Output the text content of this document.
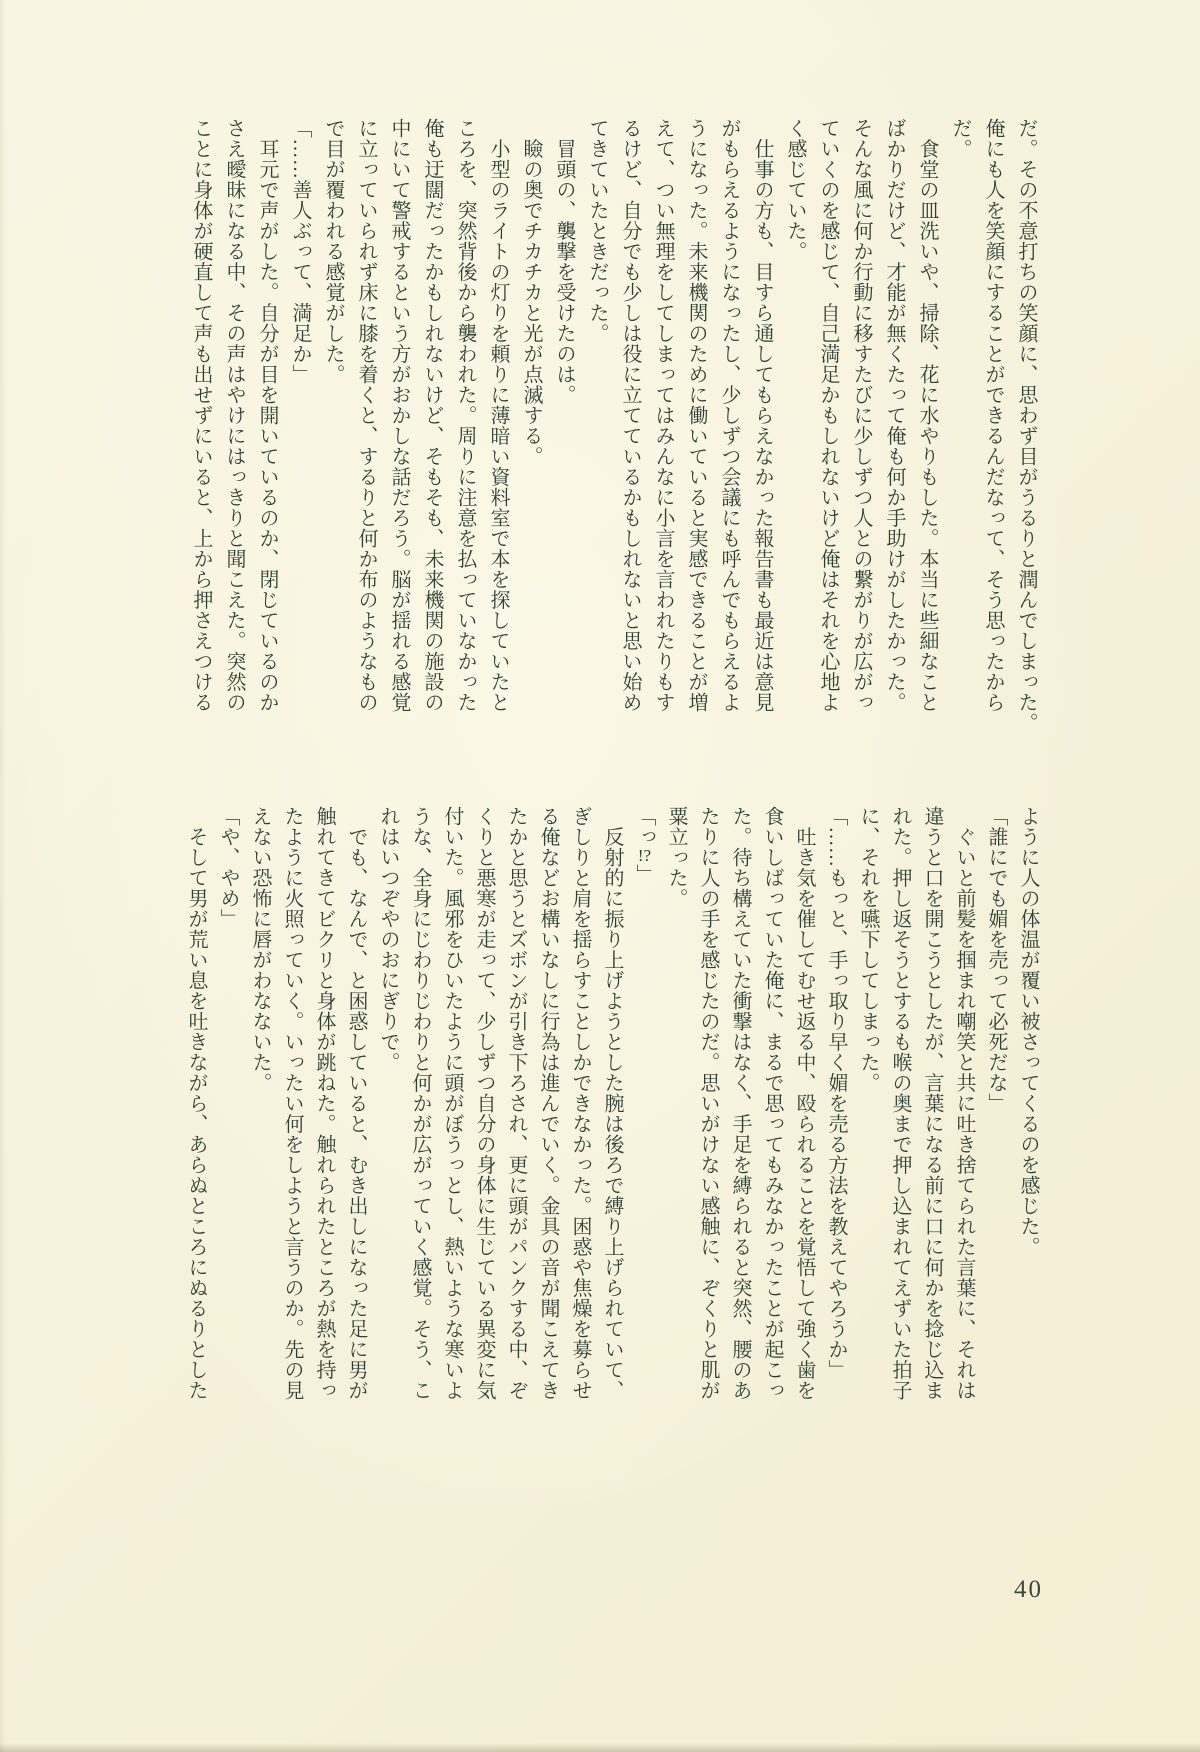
だ。その不意打ちの笑顔に、思わず目がうるりと潤んでしまった。
俺にも人を笑顔にすることができるんだなって、そう思ったから
だ。
　食堂の皿洗いや、掃除、花に水やりもした。本当に些細なこと
ばかりだけど、才能が無くたって俺も何か手助けがしたかった。
そんな風に何か行動に移すたびに少しずつ人との繋がりが広がっ
ていくのを感じて、自己満足かもしれないけど俺はそれを心地よ
く感じていた。
　仕事の方も、目すら通してもらえなかった報告書も最近は意見
がもらえるようになったし、少しずつ会議にも呼んでもらえるよ
うになった。未来機関のために働いていると実感できることが増
えて、つい無理をしてしまってはみんなに小言を言われたりもす
るけど、自分でも少しは役に立てているかもしれないと思い始め
てきていたときだった。
　冒頭の、襲撃を受けたのは。
　瞼の奥でチカチカと光が点滅する。
　小型のライトの灯りを頼りに薄暗い資料室で本を探していたと
ころを、突然背後から襲われた。周りに注意を払っていなかった
俺も迂闊だったかもしれないけど、そもそも、未来機関の施設の
中にいて警戒するという方がおかしな話だろう。脳が揺れる感覚
に立っていられず床に膝を着くと、するりと何か布のようなもの
で目が覆われる感覚がした。
「……善人ぶって、満足か」
　耳元で声がした。自分が目を開いているのか、閉じているのか
さえ曖昧になる中、その声はやけにはっきりと聞こえた。突然の
ことに身体が硬直して声も出せずにいると、上から押さえつける
ように人の体温が覆い被さってくるのを感じた。
「誰にでも媚を売って必死だな」
　ぐいと前髪を掴まれ嘲笑と共に吐き捨てられた言葉に、それは
違うと口を開こうとしたが、言葉になる前に口に何かを捻じ込ま
れた。押し返そうとするも喉の奥まで押し込まれてえずいた拍子
に、それを嚥下してしまった。
「……もっと、手っ取り早く媚を売る方法を教えてやろうか」
　吐き気を催してむせ返る中、殴られることを覚悟して強く歯を
食いしばっていた俺に、まるで思ってもみなかったことが起こっ
た。待ち構えていた衝撃はなく、手足を縛られると突然、腰のあ
たりに人の手を感じたのだ。思いがけない感触に、ぞくりと肌が
粟立った。
「っ!?」
　反射的に振り上げようとした腕は後ろで縛り上げられていて、
ぎしりと肩を揺らすことしかできなかった。困惑や焦燥を募らせ
る俺などお構いなしに行為は進んでいく。金具の音が聞こえてき
たかと思うとズボンが引き下ろされ、更に頭がパンクする中、ぞ
くりと悪寒が走って、少しずつ自分の身体に生じている異変に気
付いた。風邪をひいたように頭がぼうっとし、熱いような寒いよ
うな、全身にじわりじわりと何かが広がっていく感覚。そう、こ
れはいつぞやのおにぎりで。
　でも、なんで、と困惑していると、むき出しになった足に男が
触れてきてビクリと身体が跳ねた。触れられたところが熱を持っ
たように火照っていく。いったい何をしようと言うのか。先の見
えない恐怖に唇がわなないた。
「や、やめ」
　そして男が荒い息を吐きながら、あらぬところにぬるりとした
40
